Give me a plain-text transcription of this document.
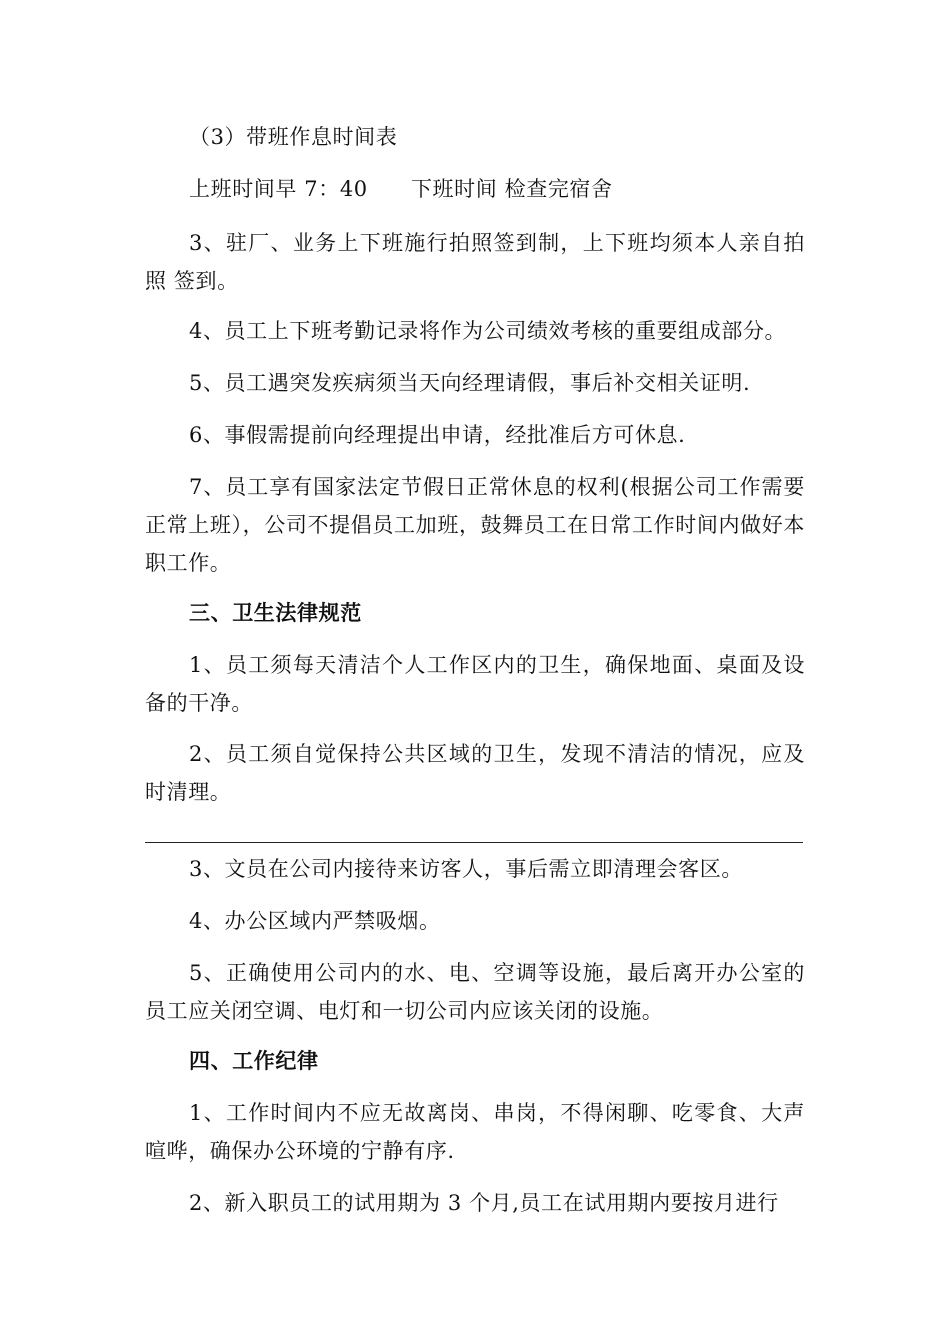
（3）带班作息时间表

上班时间早 7：40　　下班时间 检查完宿舍

3、驻厂、业务上下班施行拍照签到制，上下班均须本人亲自拍照 签到。

4、员工上下班考勤记录将作为公司绩效考核的重要组成部分。

5、员工遇突发疾病须当天向经理请假，事后补交相关证明.

6、事假需提前向经理提出申请，经批准后方可休息.

7、员工享有国家法定节假日正常休息的权利(根据公司工作需要正常上班），公司不提倡员工加班，鼓舞员工在日常工作时间内做好本职工作。

三、卫生法律规范

1、员工须每天清洁个人工作区内的卫生，确保地面、桌面及设备的干净。

2、员工须自觉保持公共区域的卫生，发现不清洁的情况，应及时清理。

3、文员在公司内接待来访客人，事后需立即清理会客区。

4、办公区域内严禁吸烟。

5、正确使用公司内的水、电、空调等设施，最后离开办公室的员工应关闭空调、电灯和一切公司内应该关闭的设施。

四、工作纪律

1、工作时间内不应无故离岗、串岗，不得闲聊、吃零食、大声喧哗，确保办公环境的宁静有序.

2、新入职员工的试用期为 3 个月,员工在试用期内要按月进行
